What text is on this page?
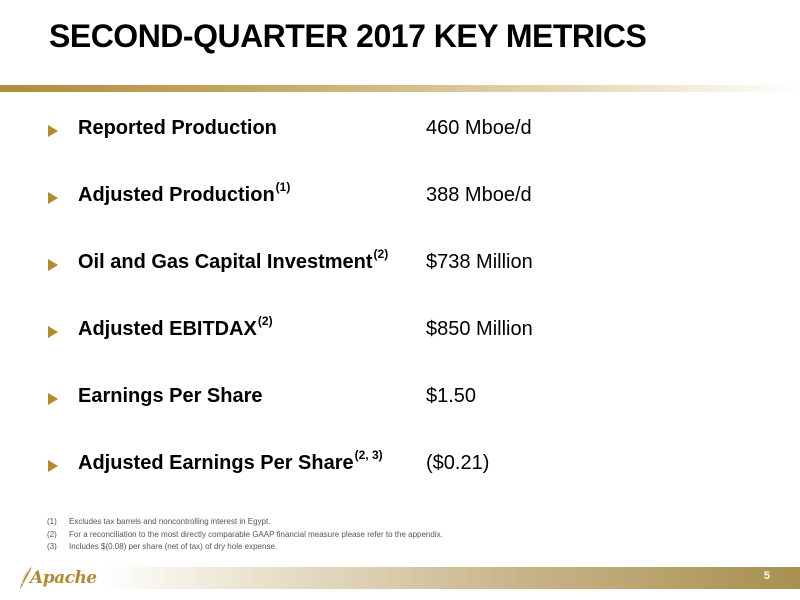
SECOND-QUARTER 2017 KEY METRICS
Reported Production	460 Mboe/d
Adjusted Production$^{(1)}$	388 Mboe/d
Oil and Gas Capital Investment$^{(2)}$ $738 Million
Adjusted EBITDAX$^{(2)}$	$850 Million
Earnings Per Share	$1.50
Adjusted Earnings Per Share$^{(2, 3)}$ ($0.21)
(1) Excludes tax barrels and noncontrolling interest in Egypt.
(2) For a reconciliation to the most directly comparable GAAP financial measure please refer to the appendix.
(3) Includes $(0.08) per share (net of tax) of dry hole expense.
Apache	5
